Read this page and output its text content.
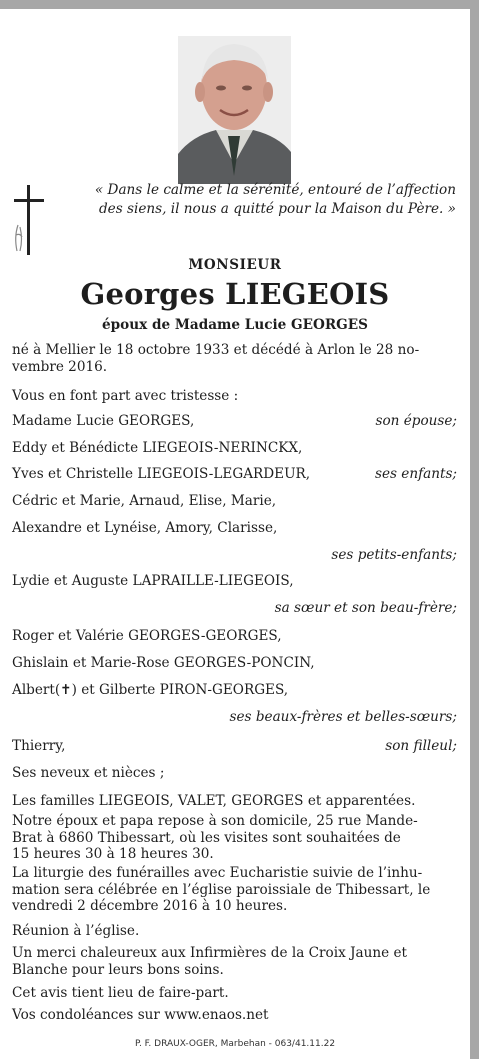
« Dans le calme et la sérénité, entouré de l’affection
des siens, il nous a quitté pour la Maison du Père. »
MONSIEUR
Georges LIEGEOIS
époux de Madame Lucie GEORGES
né à Mellier le 18 octobre 1933 et décédé à Arlon le 28 no-
vembre 2016.
Vous en font part avec tristesse :
Madame Lucie GEORGES,	son épouse;
Eddy et Bénédicte LIEGEOIS-NERINCKX,
Yves et Christelle LIEGEOIS-LEGARDEUR,	ses enfants;
Cédric et Marie, Arnaud, Elise, Marie,
Alexandre et Lynéise, Amory, Clarisse,
ses petits-enfants;
Lydie et Auguste LAPRAILLE-LIEGEOIS,
sa sœur et son beau-frère;
Roger et Valérie GEORGES-GEORGES,
Ghislain et Marie-Rose GEORGES-PONCIN,
Albert(✝) et Gilberte PIRON-GEORGES,
ses beaux-frères et belles-sœurs;
Thierry,	son filleul;
Ses neveux et nièces ;
Les familles LIEGEOIS, VALET, GEORGES et apparentées.
Notre époux et papa repose à son domicile, 25 rue Mande-
Brat à 6860 Thibessart, où les visites sont souhaitées de
15 heures 30 à 18 heures 30.
La liturgie des funérailles avec Eucharistie suivie de l’inhu-
mation sera célébrée en l’église paroissiale de Thibessart, le
vendredi 2 décembre 2016 à 10 heures.
Réunion à l’église.
Un merci chaleureux aux Infirmières de la Croix Jaune et
Blanche pour leurs bons soins.
Cet avis tient lieu de faire-part.
Vos condoléances sur www.enaos.net
P. F. DRAUX-OGER, Marbehan - 063/41.11.22
